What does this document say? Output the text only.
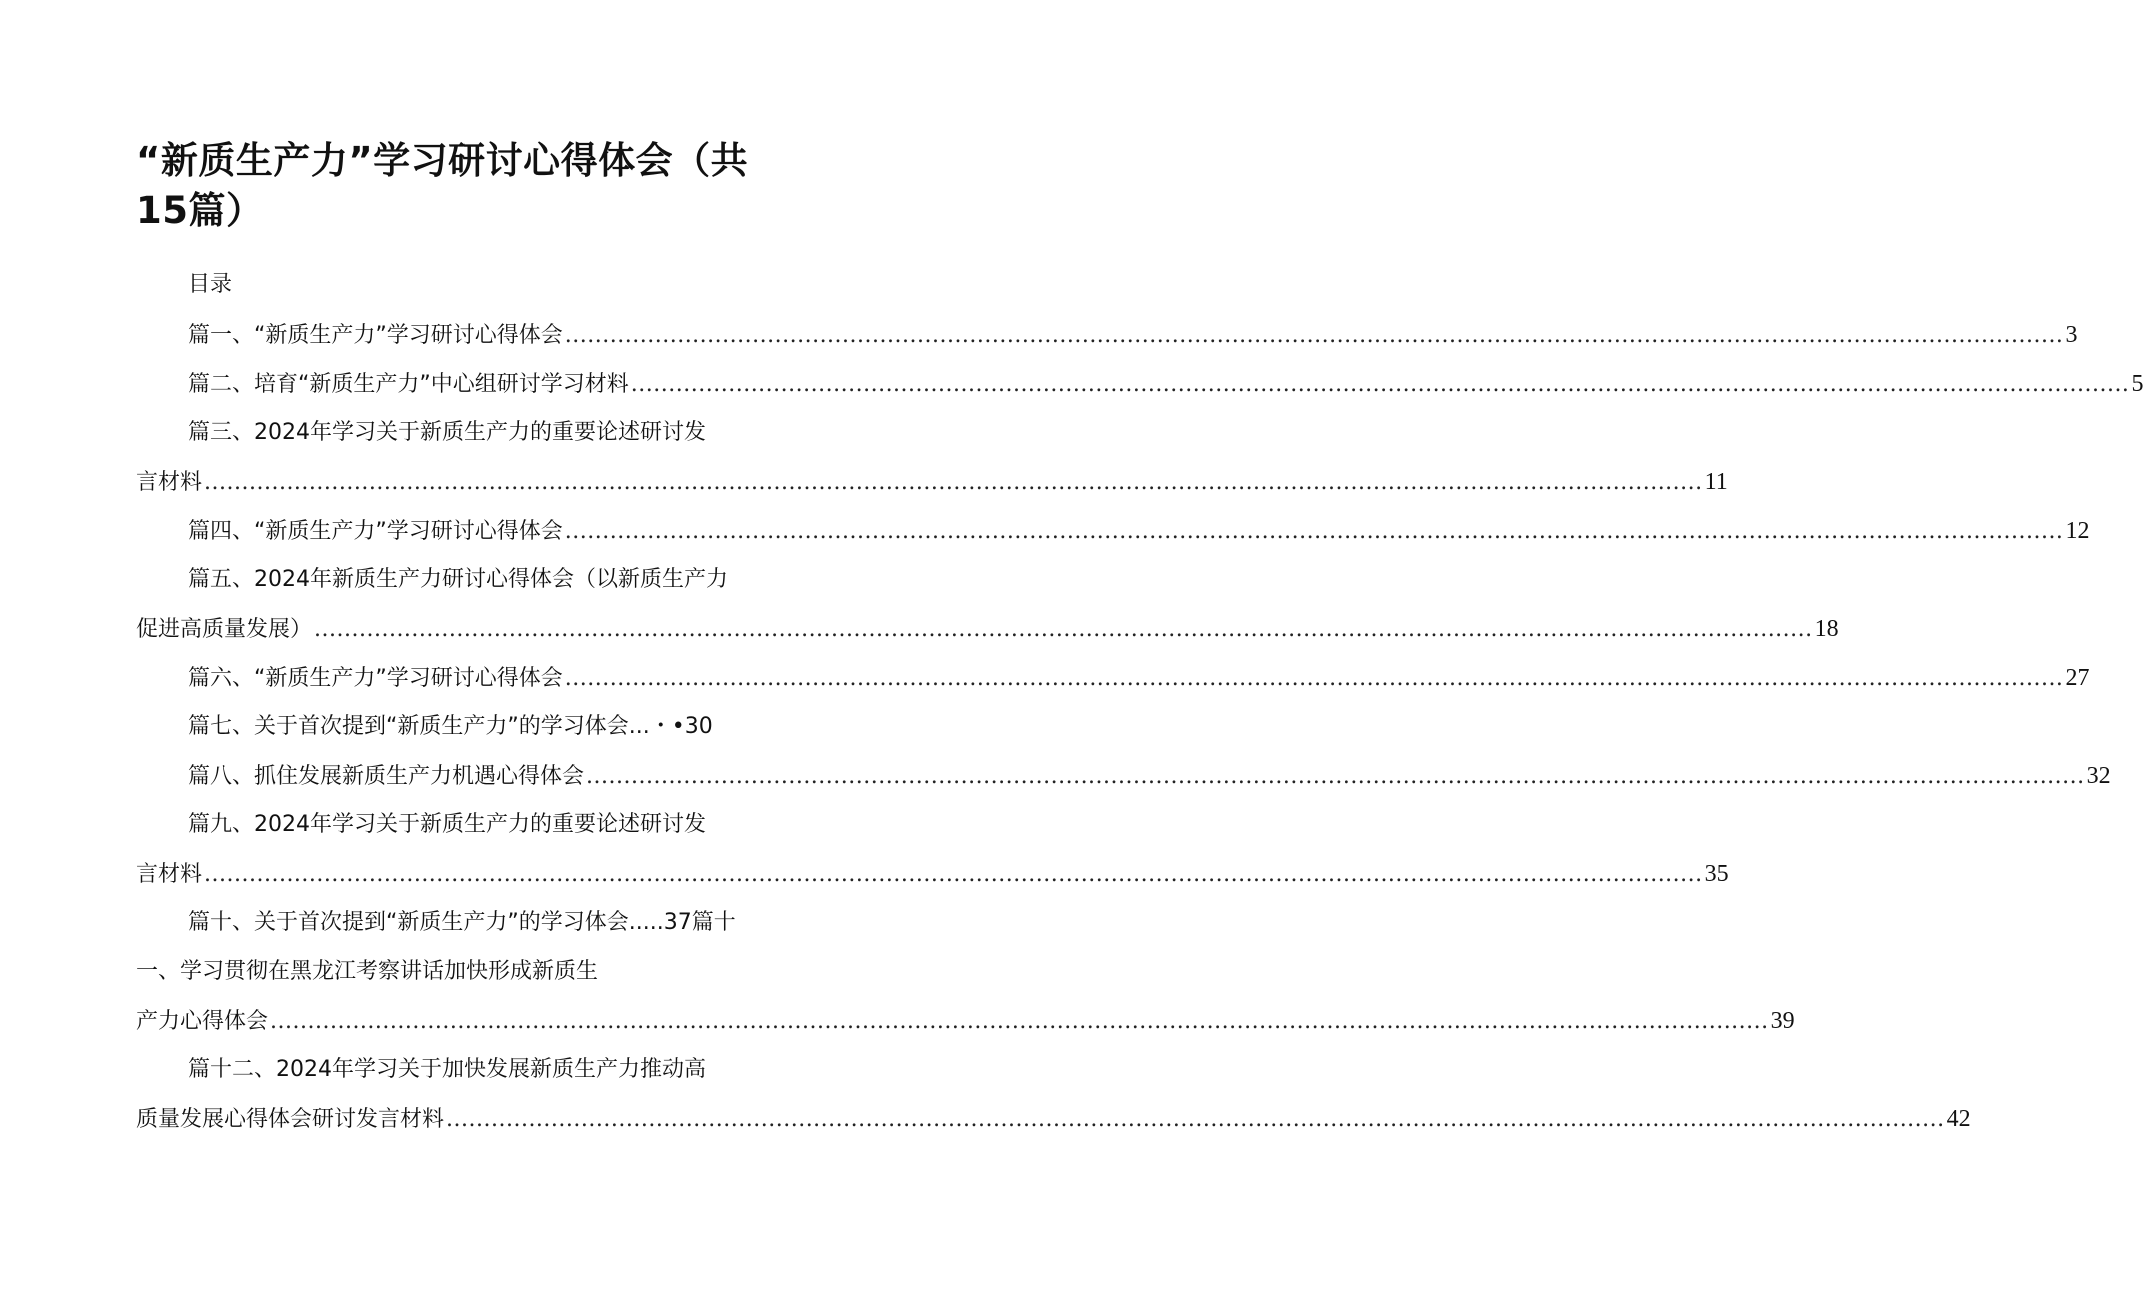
“新质生产力”学习研讨心得体会（共15篇）
目录
篇一、“新质生产力”学习研讨心得体会 ........................................................................................................................................................................................................ 3
篇二、培育“新质生产力”中心组研讨学习材料 ........................................................................................................................................................................................................ 5
篇三、2024年学习关于新质生产力的重要论述研讨发
言材料 ........................................................................................................................................................................................................ 11
篇四、“新质生产力”学习研讨心得体会 ........................................................................................................................................................................................................ 12
篇五、2024年新质生产力研讨心得体会（以新质生产力
促进高质量发展） ........................................................................................................................................................................................................ 18
篇六、“新质生产力”学习研讨心得体会 ........................................................................................................................................................................................................ 27
篇七、关于首次提到“新质生产力”的学习体会...・•30
篇八、抓住发展新质生产力机遇心得体会 ........................................................................................................................................................................................................ 32
篇九、2024年学习关于新质生产力的重要论述研讨发
言材料 ........................................................................................................................................................................................................ 35
篇十、关于首次提到“新质生产力”的学习体会.....37篇十
一、学习贯彻在黑龙江考察讲话加快形成新质生
产力心得体会 ........................................................................................................................................................................................................ 39
篇十二、2024年学习关于加快发展新质生产力推动高
质量发展心得体会研讨发言材料 ........................................................................................................................................................................................................ 42
